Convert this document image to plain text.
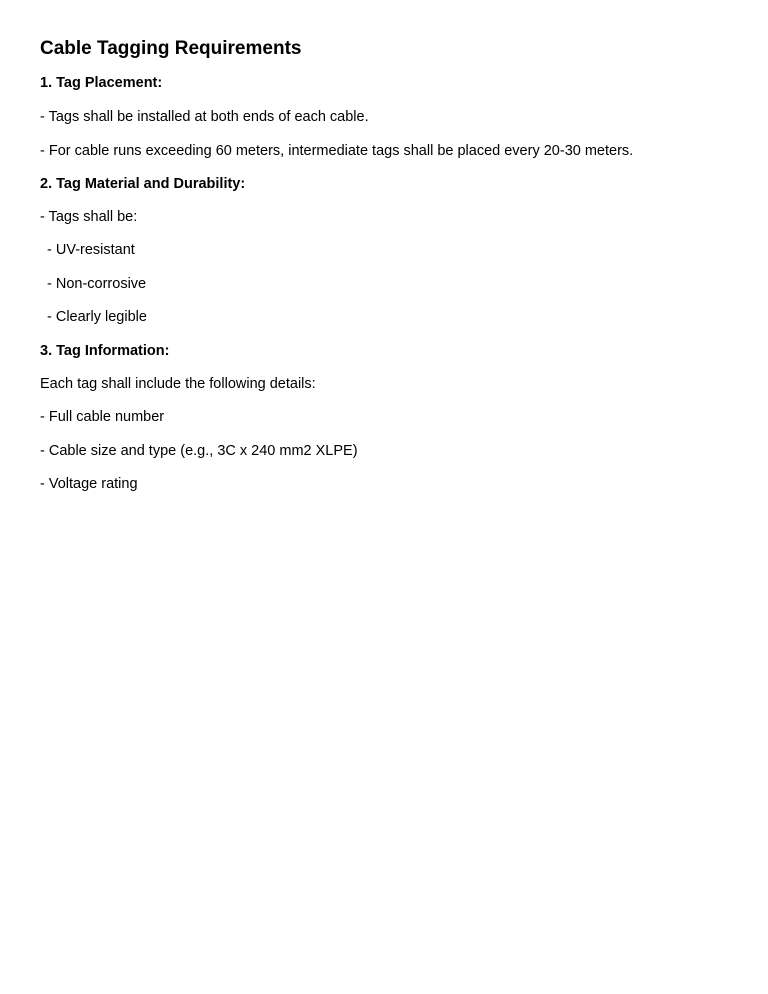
Cable Tagging Requirements
1. Tag Placement:
- Tags shall be installed at both ends of each cable.
- For cable runs exceeding 60 meters, intermediate tags shall be placed every 20-30 meters.
2. Tag Material and Durability:
- Tags shall be:
- UV-resistant
- Non-corrosive
- Clearly legible
3. Tag Information:
Each tag shall include the following details:
- Full cable number
- Cable size and type (e.g., 3C x 240 mm2 XLPE)
- Voltage rating
